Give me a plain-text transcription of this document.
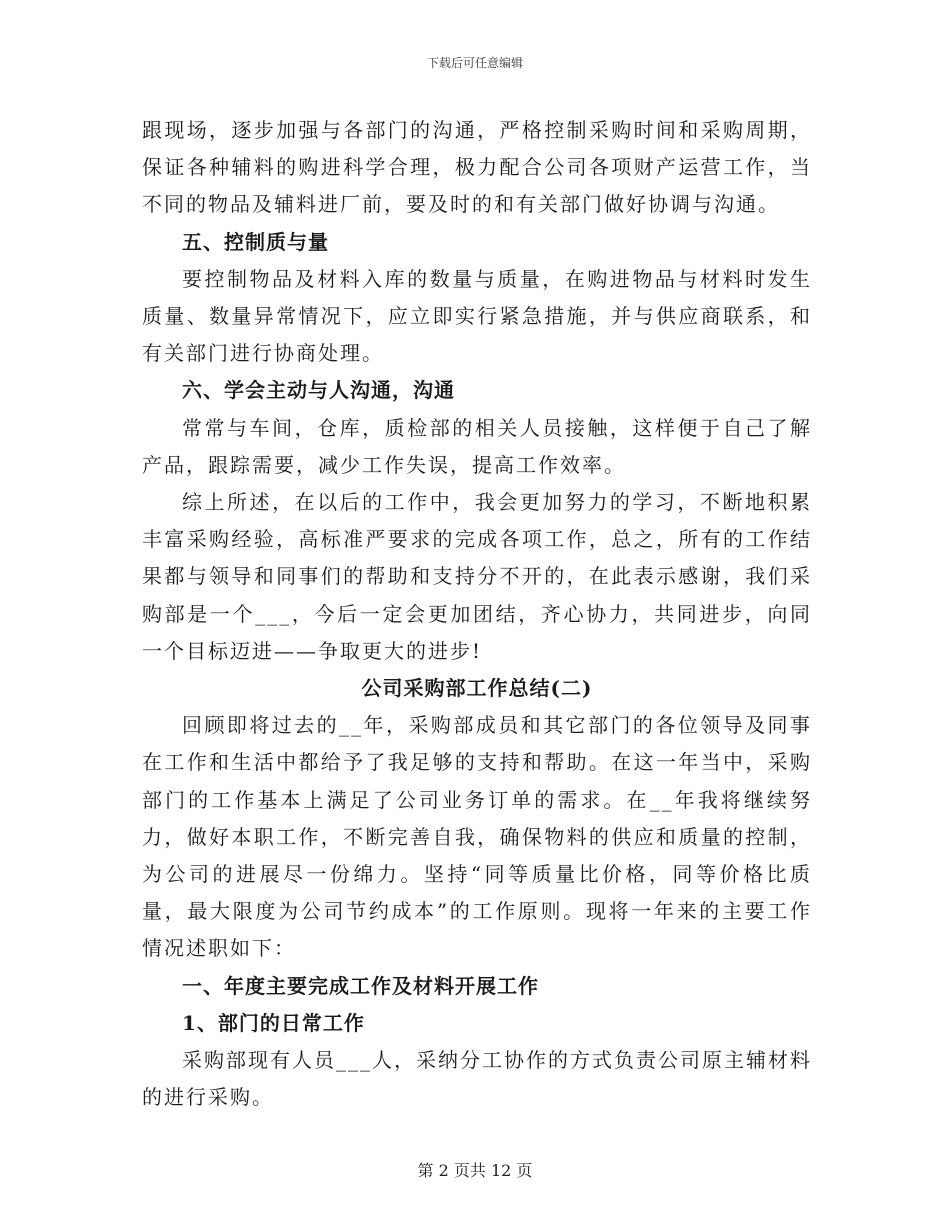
下载后可任意编辑

跟现场，逐步加强与各部门的沟通，严格控制采购时间和采购周期，保证各种辅料的购进科学合理，极力配合公司各项财产运营工作，当不同的物品及辅料进厂前，要及时的和有关部门做好协调与沟通。

五、控制质与量

要控制物品及材料入库的数量与质量，在购进物品与材料时发生质量、数量异常情况下，应立即实行紧急措施，并与供应商联系，和有关部门进行协商处理。

六、学会主动与人沟通，沟通

常常与车间，仓库，质检部的相关人员接触，这样便于自己了解产品，跟踪需要，减少工作失误，提高工作效率。

综上所述，在以后的工作中，我会更加努力的学习，不断地积累丰富采购经验，高标准严要求的完成各项工作，总之，所有的工作结果都与领导和同事们的帮助和支持分不开的，在此表示感谢，我们采购部是一个___，今后一定会更加团结，齐心协力，共同进步，向同一个目标迈进——争取更大的进步!

公司采购部工作总结(二)

回顾即将过去的__年，采购部成员和其它部门的各位领导及同事在工作和生活中都给予了我足够的支持和帮助。在这一年当中，采购部门的工作基本上满足了公司业务订单的需求。在__年我将继续努力，做好本职工作，不断完善自我，确保物料的供应和质量的控制，为公司的进展尽一份绵力。坚持“同等质量比价格，同等价格比质量，最大限度为公司节约成本”的工作原则。现将一年来的主要工作情况述职如下：

一、年度主要完成工作及材料开展工作

1、部门的日常工作

采购部现有人员___人，采纳分工协作的方式负责公司原主辅材料的进行采购。

第 2 页共 12 页
